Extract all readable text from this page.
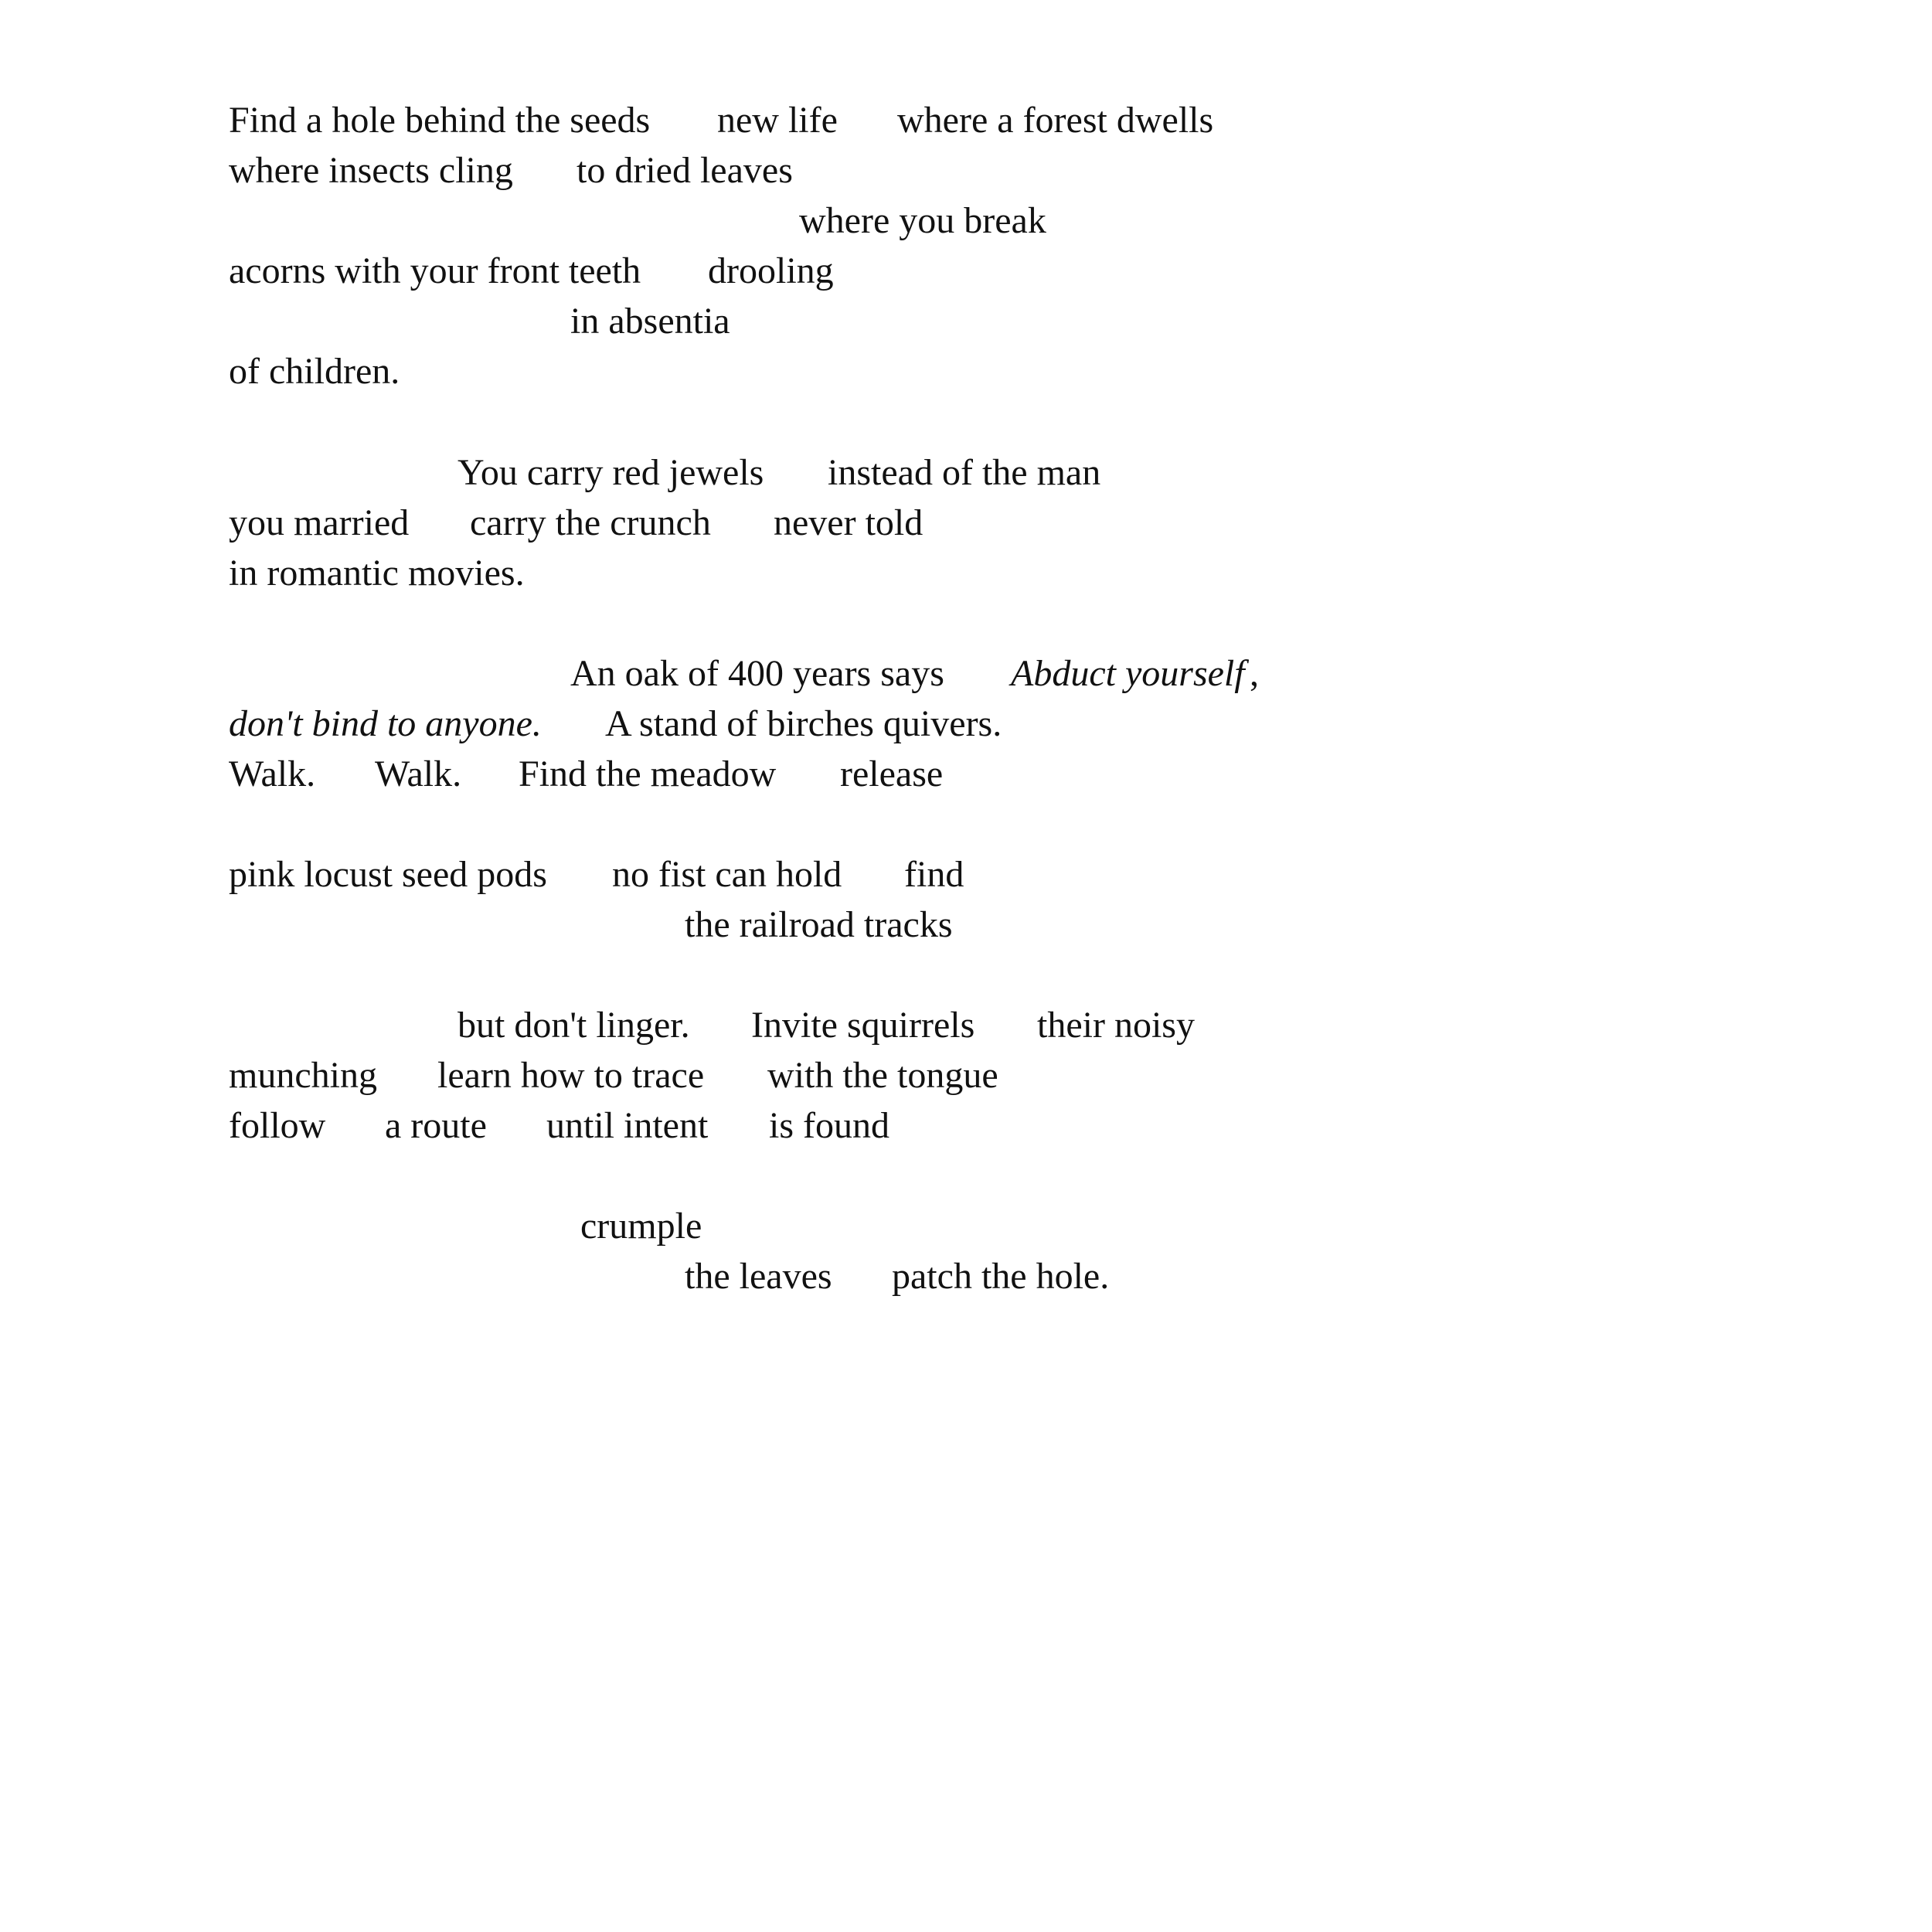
Find a hole behind the seeds

new life

where a forest dwells

where insects cling

to dried leaves

where you break

acorns with your front teeth

drooling

in absentia

of children.

You carry red jewels

instead of the man

you married

carry the crunch

never told

in romantic movies.

An oak of 400 years says

Abduct yourself

,

don't bind to anyone.

A stand of birches quivers.

Walk.

Walk.

Find the meadow

release

pink locust seed pods

no fist can hold

find

the railroad tracks

but don't linger.

Invite squirrels

their noisy

munching

learn how to trace

with the tongue

follow

a route

until intent

is found

crumple

the leaves

patch the hole.
